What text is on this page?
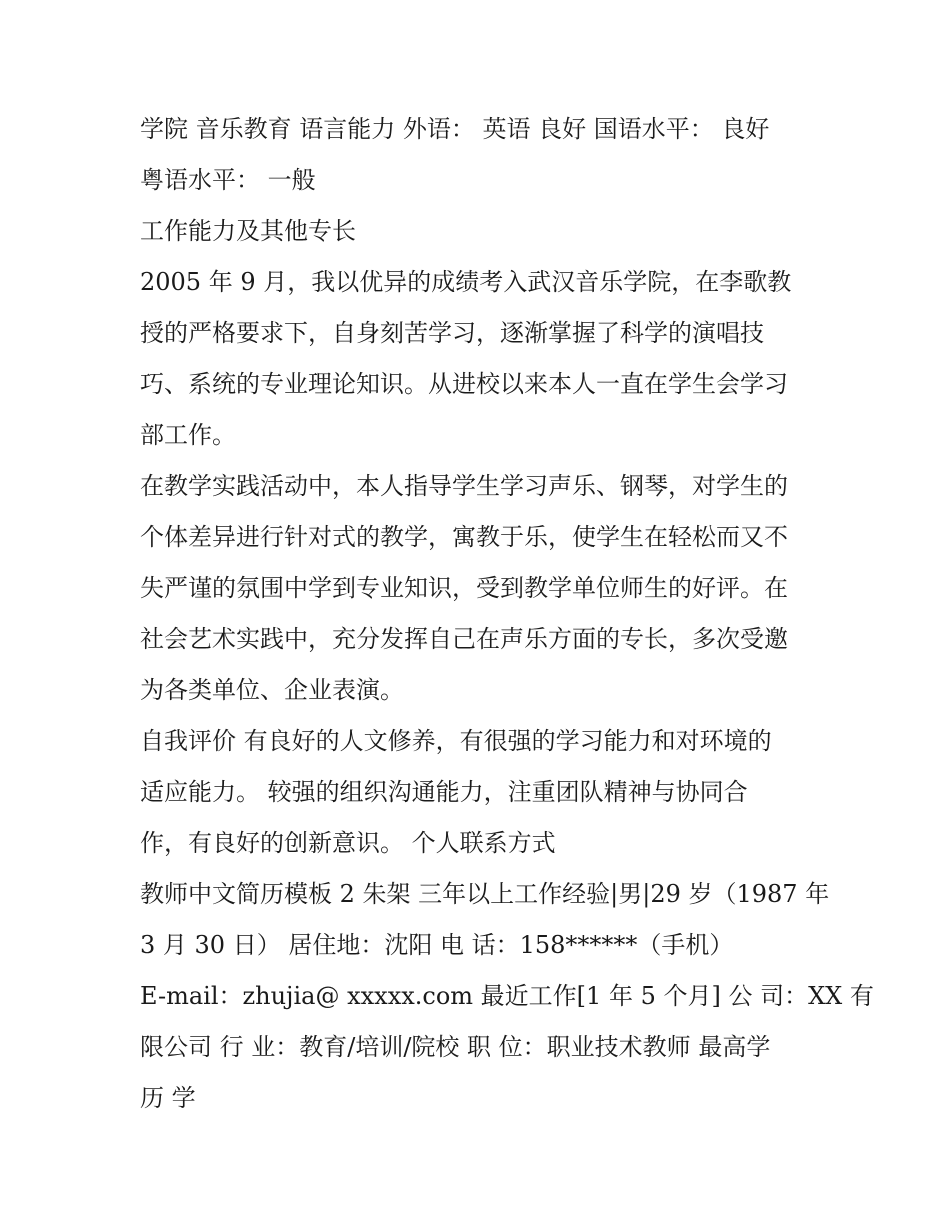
学院 音乐教育 语言能力 外语： 英语 良好 国语水平： 良好
粤语水平： 一般
工作能力及其他专长
2005 年 9 月，我以优异的成绩考入武汉音乐学院，在李歌教
授的严格要求下，自身刻苦学习，逐渐掌握了科学的演唱技
巧、系统的专业理论知识。从进校以来本人一直在学生会学习
部工作。
在教学实践活动中，本人指导学生学习声乐、钢琴，对学生的
个体差异进行针对式的教学，寓教于乐，使学生在轻松而又不
失严谨的氛围中学到专业知识，受到教学单位师生的好评。在
社会艺术实践中，充分发挥自己在声乐方面的专长，多次受邀
为各类单位、企业表演。
自我评价 有良好的人文修养，有很强的学习能力和对环境的
适应能力。 较强的组织沟通能力，注重团队精神与协同合
作，有良好的创新意识。 个人联系方式
教师中文简历模板 2 朱架 三年以上工作经验|男|29 岁（1987 年
3 月 30 日） 居住地：沈阳 电 话：158******（手机）
E-mail：zhujia@ xxxxx.com 最近工作[1 年 5 个月] 公 司：XX 有
限公司 行 业：教育/培训/院校 职 位：职业技术教师 最高学
历 学
